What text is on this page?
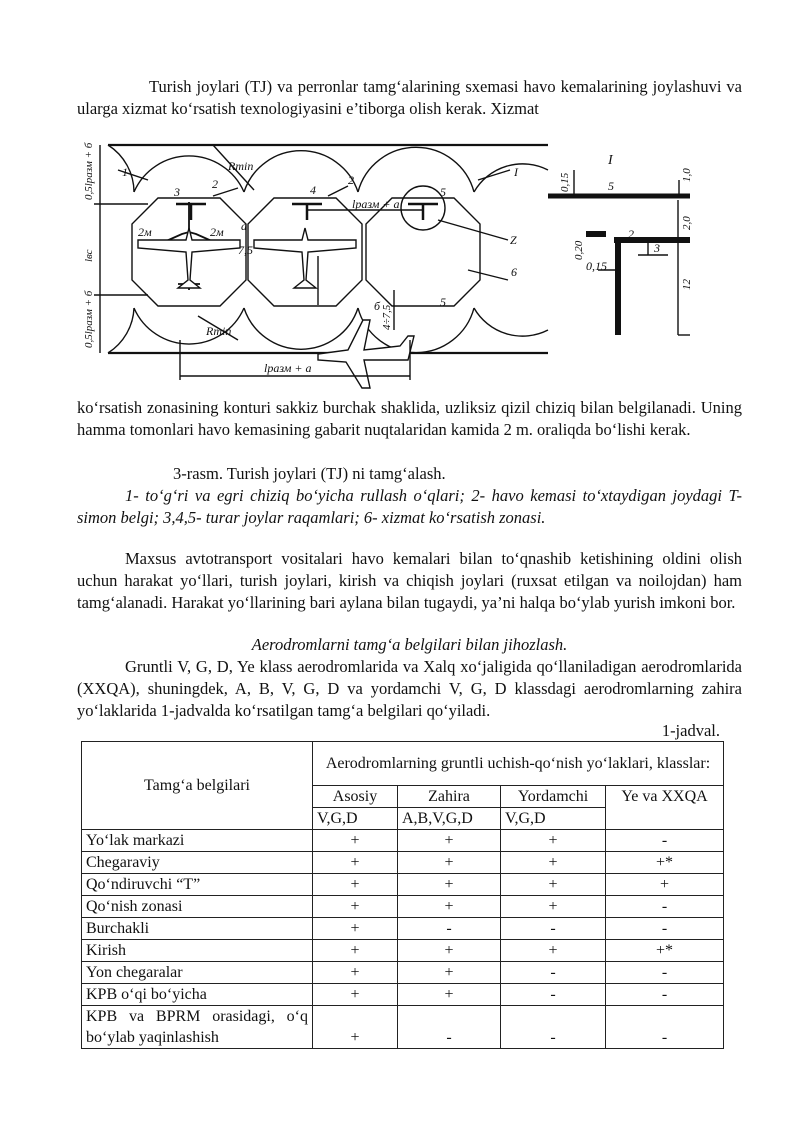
Turish joylari (TJ) va perronlar tamg‘alarining sxemasi havo kemalarining joylashuvi va ularga xizmat ko‘rsatish texnologiyasini e’tiborga olish kerak. Xizmat
1
2	2
3	4	5
5
6
Rmin
Rmin
lразм + a
lразм + a
a
2м	2м
7,5
б
I
Z
I
5
2
3
0,15
0,5lразм + б
lвс
0,5lразм + б	4÷7,5
0,15	1,0
2,0
0,20
12
ko‘rsatish zonasining konturi sakkiz burchak shaklida, uzliksiz qizil chiziq bilan belgilanadi. Uning hamma tomonlari havo kemasining gabarit nuqtalaridan kamida 2 m. oraliqda bo‘lishi kerak.
3-rasm. Turish joylari (TJ) ni tamg‘alash.
1- to‘g‘ri va egri chiziq bo‘yicha rullash o‘qlari; 2- havo kemasi to‘xtaydigan joydagi T-simon belgi; 3,4,5- turar joylar raqamlari; 6- xizmat ko‘rsatish zonasi.
Maxsus avtotransport vositalari havo kemalari bilan to‘qnashib ketishining oldini olish uchun harakat yo‘llari, turish joylari, kirish va chiqish joylari (ruxsat etilgan va noilojdan) ham tamg‘alanadi. Harakat yo‘llarining bari aylana bilan tugaydi, ya’ni halqa bo‘ylab yurish imkoni bor.
Aerodromlarni tamg‘a belgilari bilan jihozlash.
Gruntli V, G, D, Ye klass aerodromlarida va Xalq xo‘jaligida qo‘llaniladigan aerodromlarida (XXQA), shuningdek, A, B, V, G, D va yordamchi V, G, D klassdagi aerodromlarning zahira yo‘laklarida 1-jadvalda ko‘rsatilgan tamg‘a belgilari qo‘yiladi.
1-jadval.
Tamg‘a belgilari	Aerodromlarning gruntli uchish-qo‘nish yo‘laklari, klasslar:			
	Asosiy	Zahira	Yordamchi	Ye va XXQA
	V,G,D	A,B,V,G,D	V,G,D	
Yo‘lak markazi	+	+	+	-
Chegaraviy	+	+	+	+*
Qo‘ndiruvchi “T”	+	+	+	+
Qo‘nish zonasi	+	+	+	-
Burchakli	+	-	-	-
Kirish	+	+	+	+*
Yon chegaralar	+	+	-	-
KPB o‘qi bo‘yicha	+	+	-	-
KPB va BPRM orasidagi, o‘q bo‘ylab yaqinlashish	+	-	-	-
